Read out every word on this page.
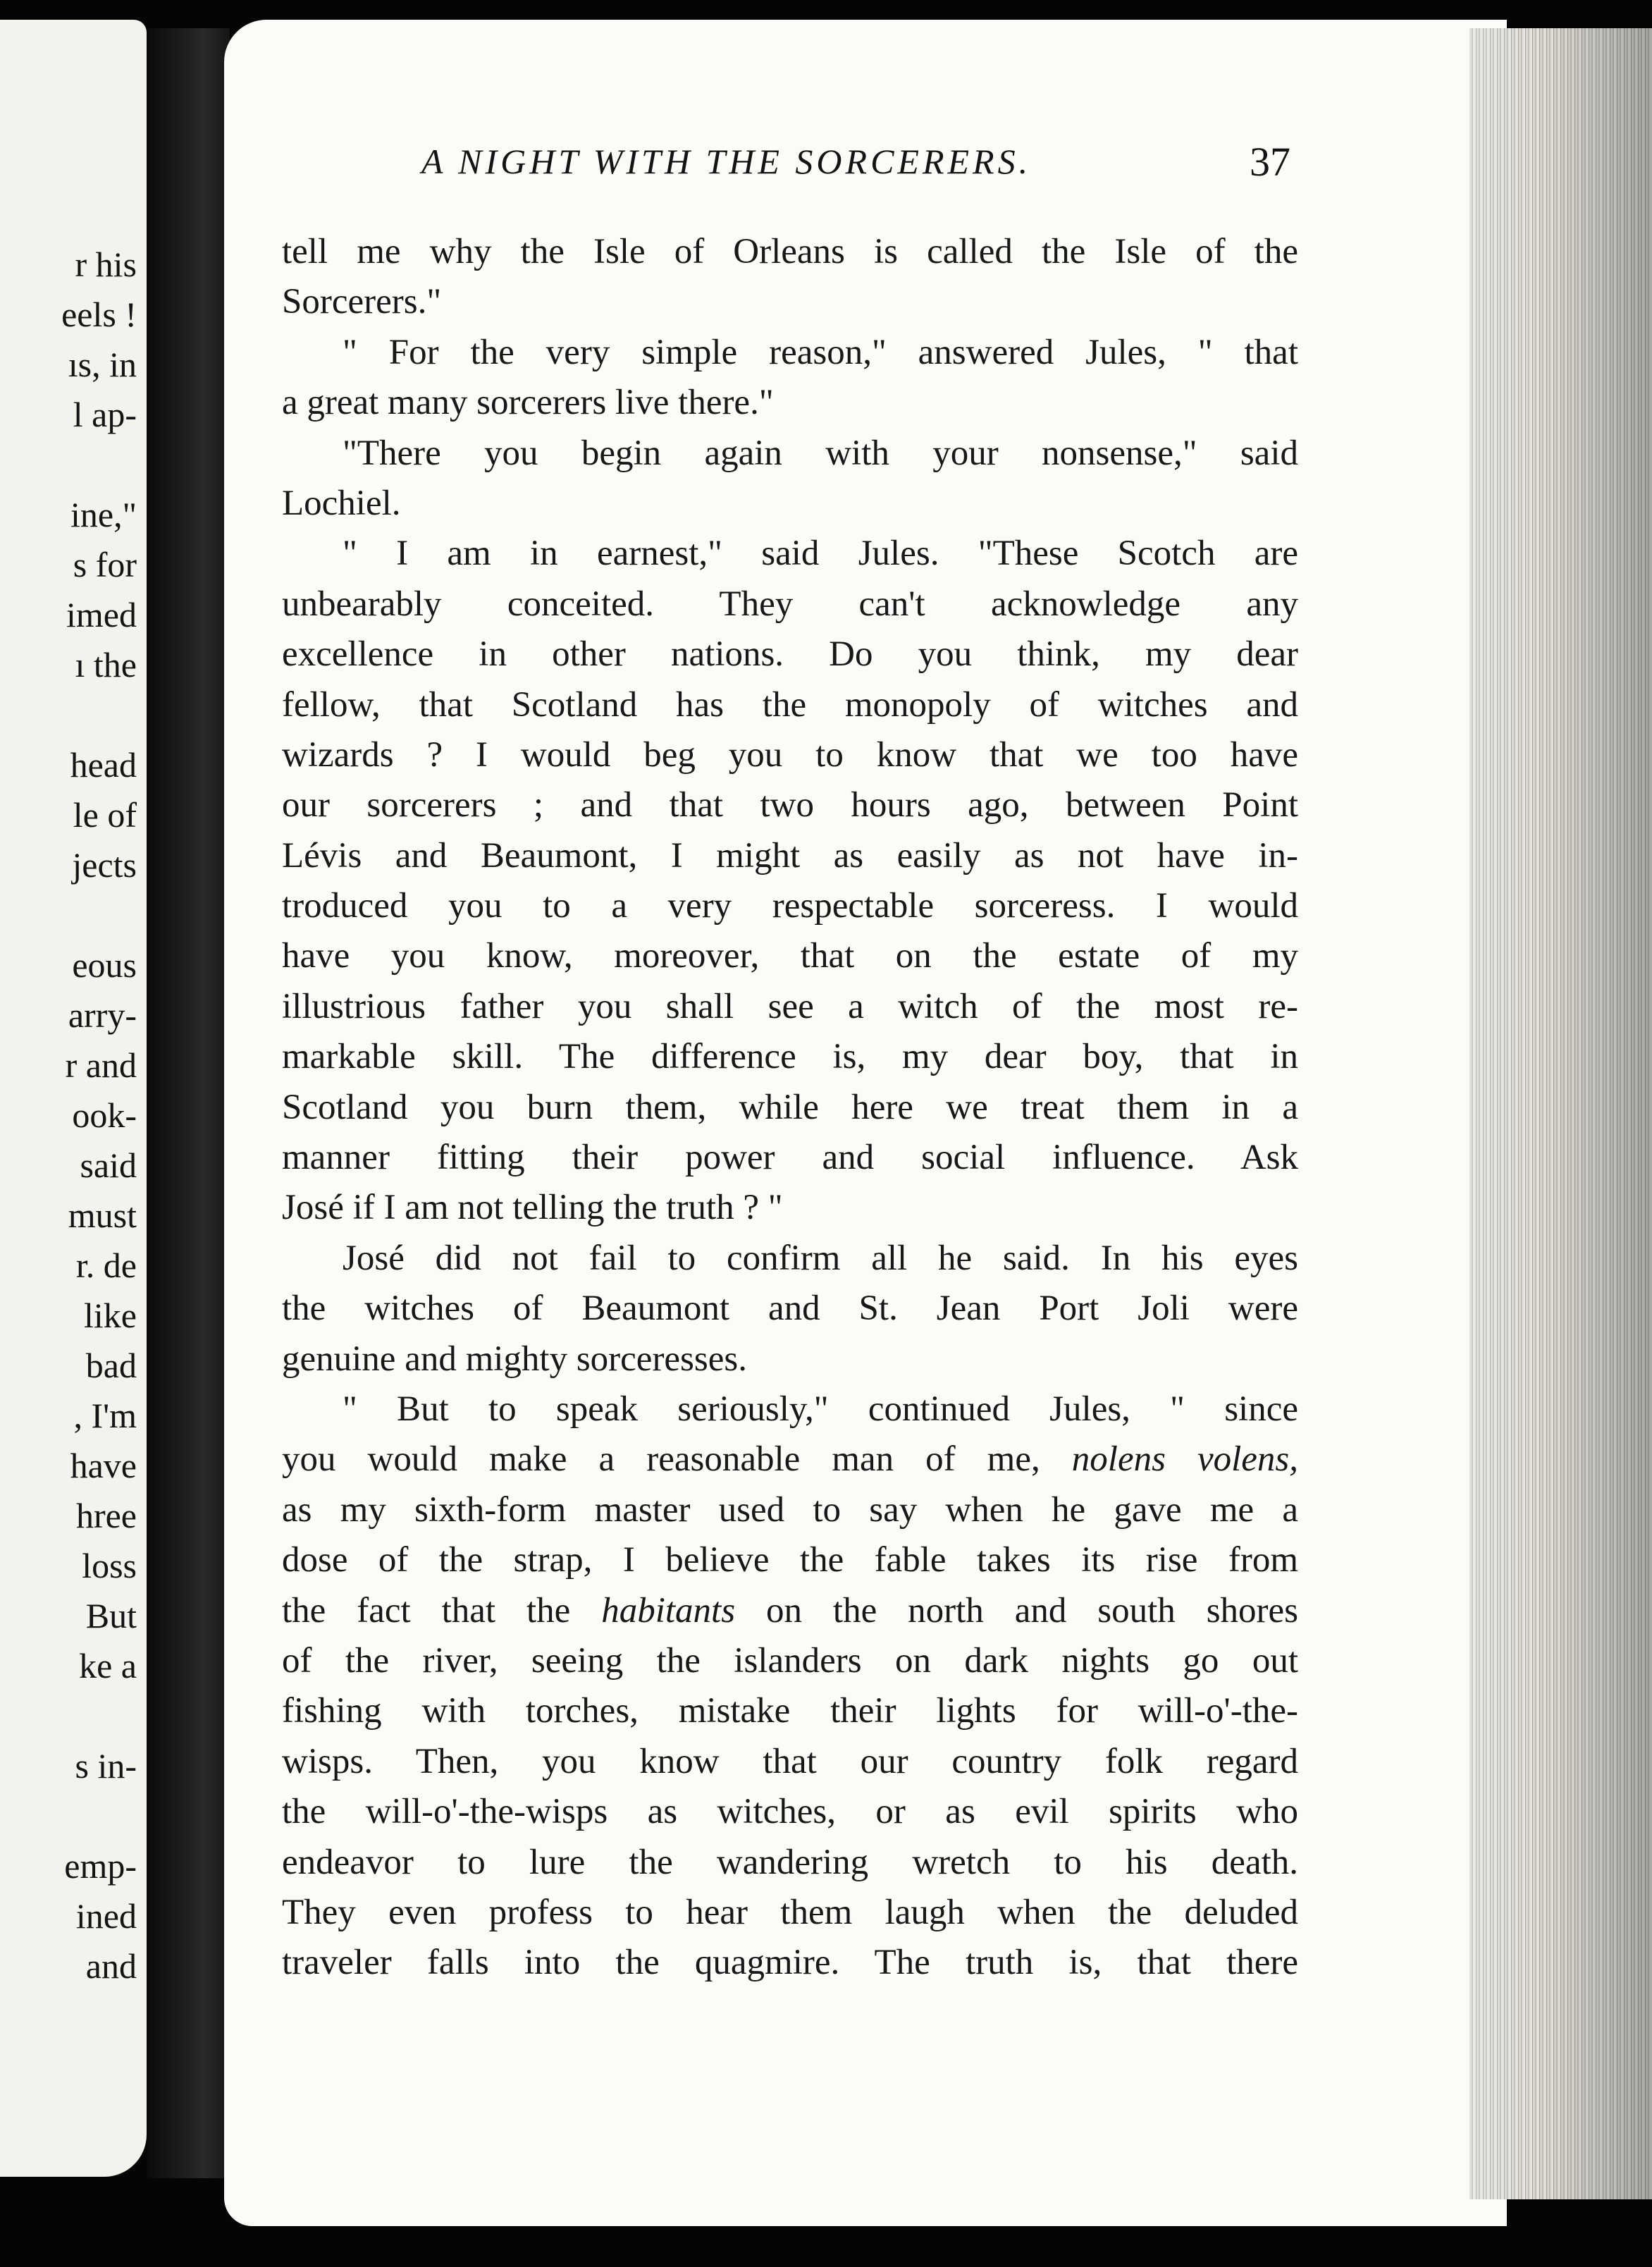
r his
eels !
ıs, in
l ap-
ine,"
s for
imed
ı the
head
le of
jects
eous
arry-
r and
ook-
said
must
r. de
like
bad
, I'm
have
hree
loss
But
ke a
s in-
emp-
ined
and
A NIGHT WITH THE SORCERERS.	37
tell me why the Isle of Orleans is called the Isle of the
Sorcerers."
" For the very simple reason," answered Jules, " that
a great many sorcerers live there."
"There you begin again with your nonsense," said
Lochiel.
" I am in earnest," said Jules. "These Scotch are
unbearably conceited. They can't acknowledge any
excellence in other nations. Do you think, my dear
fellow, that Scotland has the monopoly of witches and
wizards ? I would beg you to know that we too have
our sorcerers ; and that two hours ago, between Point
Lévis and Beaumont, I might as easily as not have in-
troduced you to a very respectable sorceress. I would
have you know, moreover, that on the estate of my
illustrious father you shall see a witch of the most re-
markable skill. The difference is, my dear boy, that in
Scotland you burn them, while here we treat them in a
manner fitting their power and social influence. Ask
José if I am not telling the truth ? "
José did not fail to confirm all he said. In his eyes
the witches of Beaumont and St. Jean Port Joli were
genuine and mighty sorceresses.
" But to speak seriously," continued Jules, " since
you would make a reasonable man of me, nolens volens,
as my sixth-form master used to say when he gave me a
dose of the strap, I believe the fable takes its rise from
the fact that the habitants on the north and south shores
of the river, seeing the islanders on dark nights go out
fishing with torches, mistake their lights for will-o'-the-
wisps. Then, you know that our country folk regard
the will-o'-the-wisps as witches, or as evil spirits who
endeavor to lure the wandering wretch to his death.
They even profess to hear them laugh when the deluded
traveler falls into the quagmire. The truth is, that there
